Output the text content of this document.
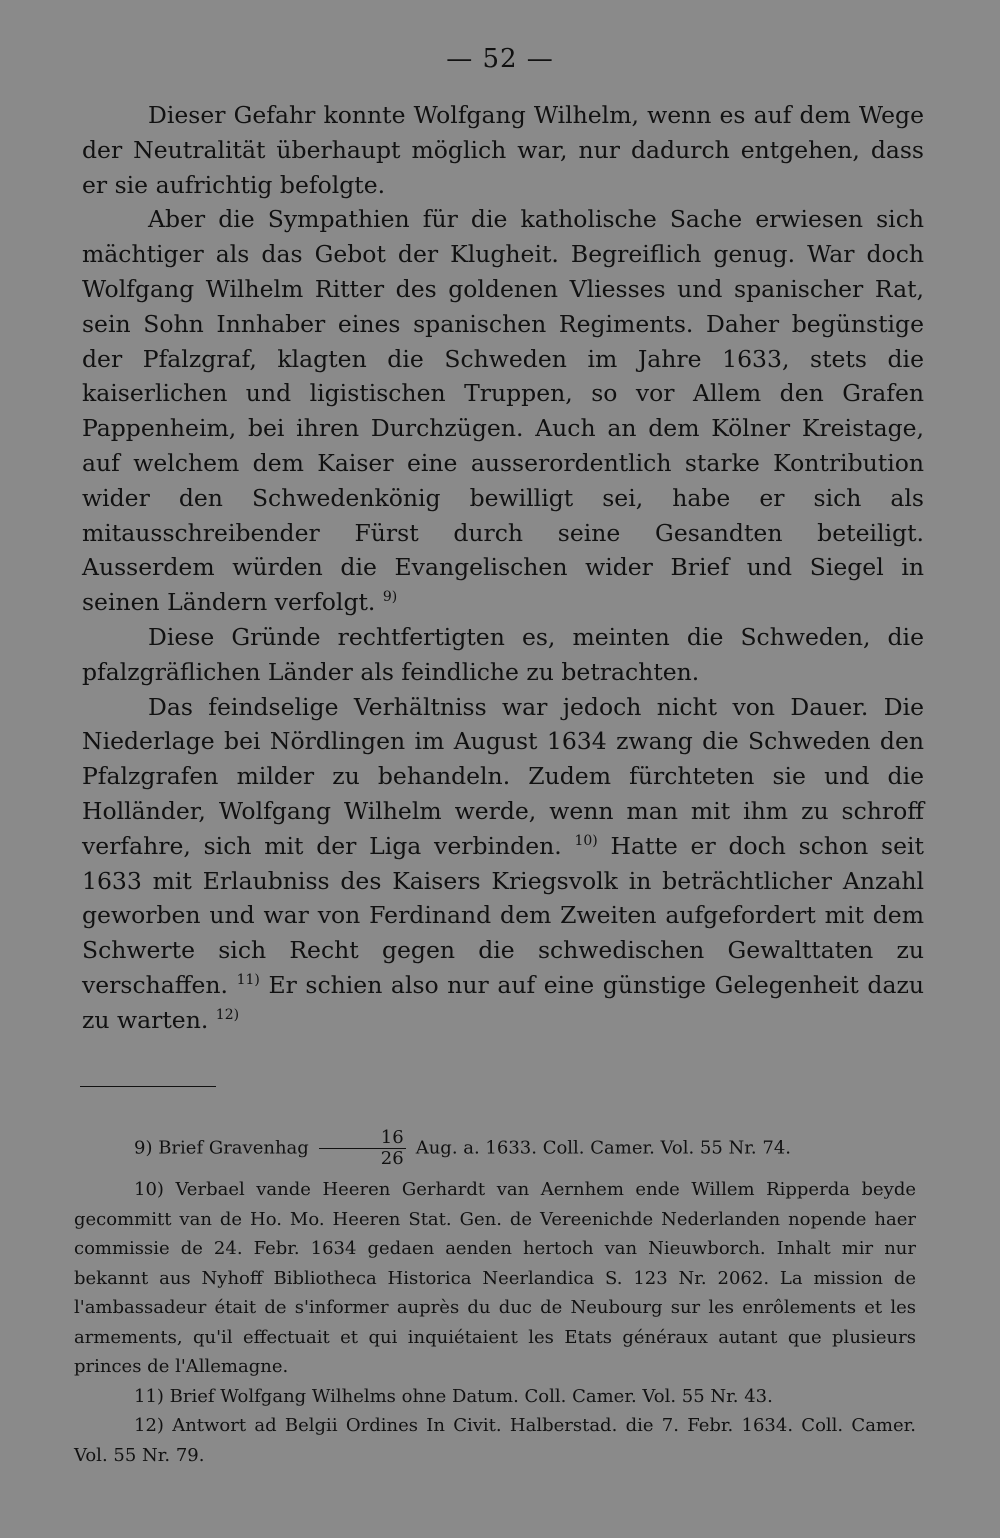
— 52 —

Dieser Gefahr konnte Wolfgang Wilhelm, wenn es auf dem Wege der Neutralität überhaupt möglich war, nur dadurch entgehen, dass er sie aufrichtig befolgte.

Aber die Sympathien für die katholische Sache erwiesen sich mächtiger als das Gebot der Klugheit. Begreiflich genug. War doch Wolfgang Wilhelm Ritter des goldenen Vliesses und spanischer Rat, sein Sohn Innhaber eines spanischen Regiments. Daher begünstige der Pfalzgraf, klagten die Schweden im Jahre 1633, stets die kaiserlichen und ligistischen Truppen, so vor Allem den Grafen Pappenheim, bei ihren Durchzügen. Auch an dem Kölner Kreistage, auf welchem dem Kaiser eine ausserordentlich starke Kontribution wider den Schwedenkönig bewilligt sei, habe er sich als mitausschreibender Fürst durch seine Gesandten beteiligt. Ausserdem würden die Evangelischen wider Brief und Siegel in seinen Ländern verfolgt. $^{9)}$

Diese Gründe rechtfertigten es, meinten die Schweden, die pfalzgräflichen Länder als feindliche zu betrachten.

Das feindselige Verhältniss war jedoch nicht von Dauer. Die Niederlage bei Nördlingen im August 1634 zwang die Schweden den Pfalzgrafen milder zu behandeln. Zudem fürchteten sie und die Holländer, Wolfgang Wilhelm werde, wenn man mit ihm zu schroff verfahre, sich mit der Liga verbinden. $^{10)}$ Hatte er doch schon seit 1633 mit Erlaubniss des Kaisers Kriegsvolk in beträchtlicher Anzahl geworben und war von Ferdinand dem Zweiten aufgefordert mit dem Schwerte sich Recht gegen die schwedischen Gewalttaten zu verschaffen. $^{11)}$ Er schien also nur auf eine günstige Gelegenheit dazu zu warten. $^{12)}$

9) Brief Gravenhag $\frac{16}{26}$ Aug. a. 1633. Coll. Camer. Vol. 55 Nr. 74.

10) Verbael vande Heeren Gerhardt van Aernhem ende Willem Ripperda beyde gecommitt van de Ho. Mo. Heeren Stat. Gen. de Vereenichde Nederlanden nopende haer commissie de 24. Febr. 1634 gedaen aenden hertoch van Nieuwborch. Inhalt mir nur bekannt aus Nyhoff Bibliotheca Historica Neerlandica S. 123 Nr. 2062. La mission de l'ambassadeur était de s'informer auprès du duc de Neubourg sur les enrôlements et les armements, qu'il effectuait et qui inquiétaient les Etats généraux autant que plusieurs princes de l'Allemagne.

11) Brief Wolfgang Wilhelms ohne Datum. Coll. Camer. Vol. 55 Nr. 43.

12) Antwort ad Belgii Ordines In Civit. Halberstad. die 7. Febr. 1634. Coll. Camer. Vol. 55 Nr. 79.
